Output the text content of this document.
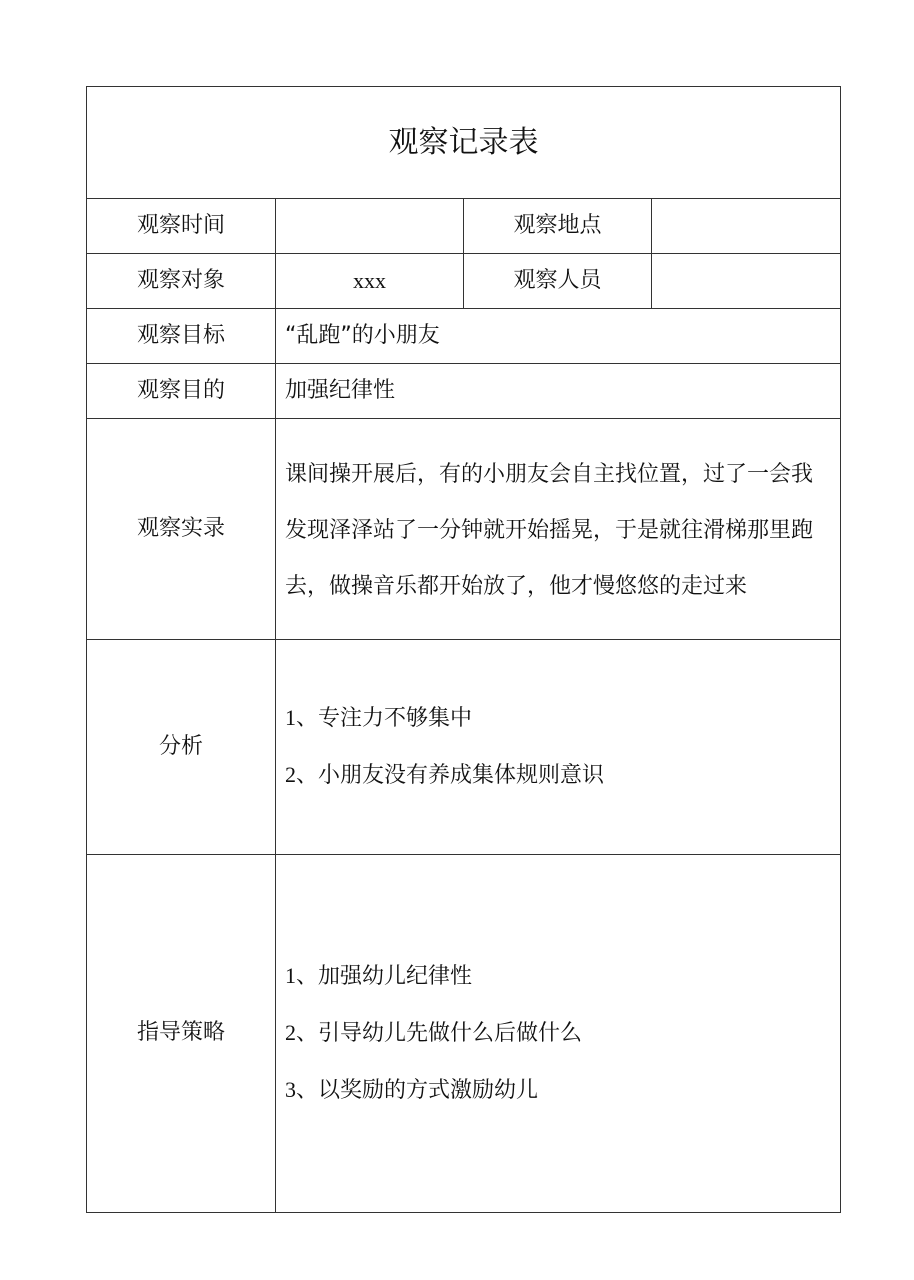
观察记录表			
观察时间		观察地点	
观察对象	xxx	观察人员	
观察目标	“乱跑”的小朋友		
观察目的	加强纪律性		
观察实录	课间操开展后，有的小朋友会自主找位置，过了一会我发现泽泽站了一分钟就开始摇晃，于是就往滑梯那里跑去，做操音乐都开始放了，他才慢悠悠的走过来		
分析	1、专注力不够集中
2、小朋友没有养成集体规则意识		

指导策略	1、加强幼儿纪律性
2、引导幼儿先做什么后做什么
3、以奖励的方式激励幼儿		
